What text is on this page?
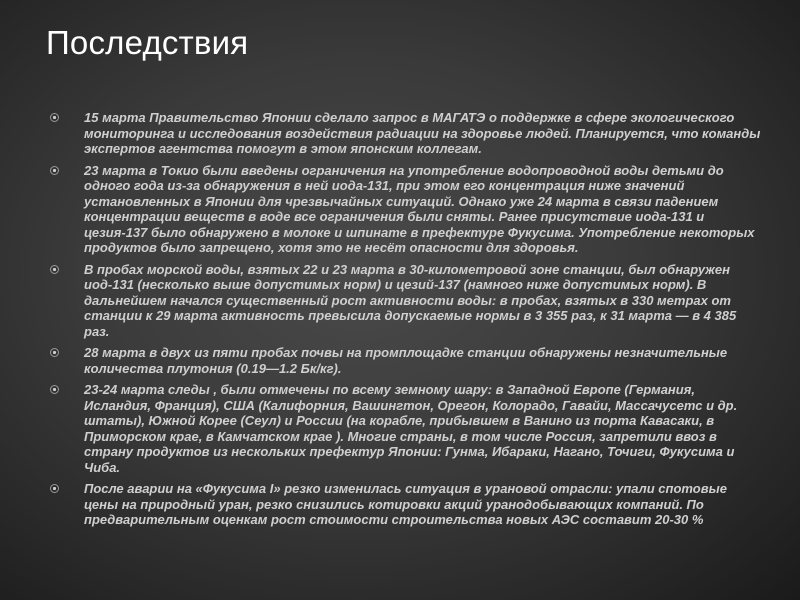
Последствия

15 марта Правительство Японии сделало запрос в МАГАТЭ о поддержке в сфере экологического мониторинга и исследования воздействия радиации на здоровье людей. Планируется, что команды экспертов агентства помогут в этом японским коллегам.

23 марта в Токио были введены ограничения на употребление водопроводной воды детьми до одного года из-за обнаружения в ней иода-131, при этом его концентрация ниже значений установленных в Японии для чрезвычайных ситуаций. Однако уже 24 марта в связи падением концентрации веществ в воде все ограничения были сняты. Ранее присутствие иода-131 и цезия-137 было обнаружено в молоке и шпинате в префектуре Фукусима. Употребление некоторых продуктов было запрещено, хотя это не несёт опасности для здоровья.

В пробах морской воды, взятых 22 и 23 марта в 30-километровой зоне станции, был обнаружен иод-131 (несколько выше допустимых норм) и цезий-137 (намного ниже допустимых норм). В дальнейшем начался существенный рост активности воды: в пробах, взятых в 330 метрах от станции к 29 марта активность превысила допускаемые нормы в 3 355 раз, к 31 марта — в 4 385 раз.

28 марта в двух из пяти пробах почвы на промплощадке станции обнаружены незначительные количества плутония (0.19—1.2 Бк/кг).

23-24 марта следы , были отмечены по всему земному шару: в Западной Европе (Германия, Исландия, Франция), США (Калифорния, Вашингтон, Орегон, Колорадо, Гавайи, Массачусетс и др. штаты), Южной Корее (Сеул) и России (на корабле, прибывшем в Ванино из порта Кавасаки, в Приморском крае, в Камчатском крае ). Многие страны, в том числе Россия, запретили ввоз в страну продуктов из нескольких префектур Японии: Гунма, Ибараки, Нагано, Точиги, Фукусима и Чиба.

После аварии на «Фукусима I» резко изменилась ситуация в урановой отрасли: упали спотовые цены на природный уран, резко снизились котировки акций уранодобывающих компаний. По предварительным оценкам рост стоимости строительства новых АЭС составит 20-30 %
